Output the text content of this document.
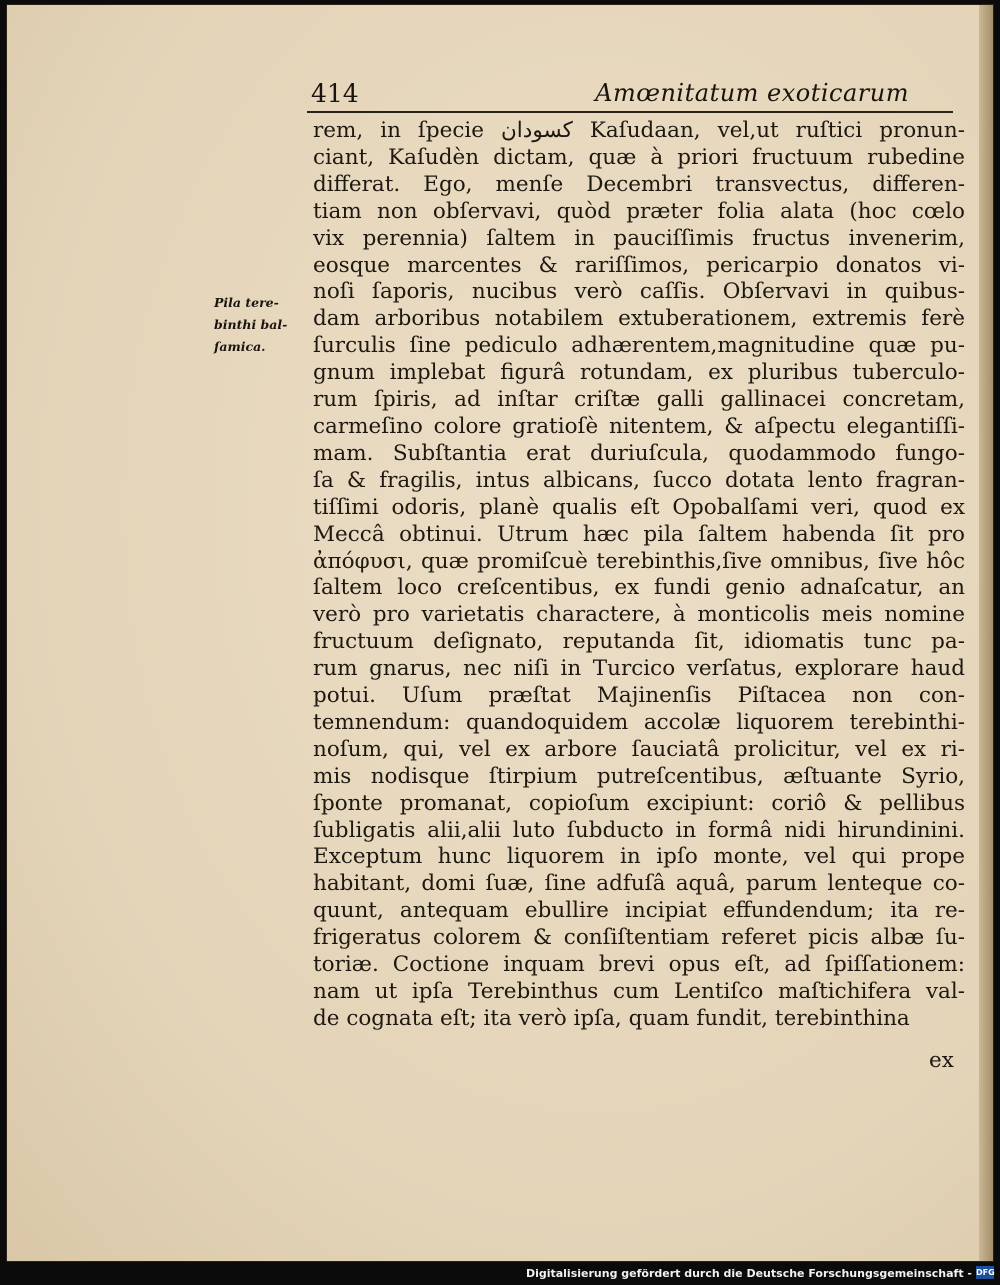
414	Amœnitatum exoticarum
Pila tere-
binthi bal-
ſamica.
rem, in ſpecie كسودان Kaſudaan, vel,ut ruſtici pronun-
ciant, Kaſudèn dictam, quæ à priori fructuum rubedine
differat. Ego, menſe Decembri transvectus, differen-
tiam non obſervavi, quòd præter folia alata (hoc cœlo
vix perennia) ſaltem in pauciſſimis fructus invenerim,
eosque marcentes & rariſſimos, pericarpio donatos vi-
noſi ſaporis, nucibus verò caſſis. Obſervavi in quibus-
dam arboribus notabilem extuberationem, extremis ferè
ſurculis ſine pediculo adhærentem,magnitudine quæ pu-
gnum implebat figurâ rotundam, ex pluribus tuberculo-
rum ſpiris, ad inſtar criſtæ galli gallinacei concretam,
carmeſino colore gratioſè nitentem, & aſpectu elegantiſſi-
mam. Subſtantia erat duriuſcula, quodammodo fungo-
ſa & fragilis, intus albicans, ſucco dotata lento fragran-
tiſſimi odoris, planè qualis eſt Opobalſami veri, quod ex
Meccâ obtinui. Utrum hæc pila ſaltem habenda ſit pro
ἀπόφυσι, quæ promiſcuè terebinthis,ſive omnibus, ſive hôc
ſaltem loco creſcentibus, ex fundi genio adnaſcatur, an
verò pro varietatis charactere, à monticolis meis nomine
fructuum deſignato, reputanda ſit, idiomatis tunc pa-
rum gnarus, nec niſi in Turcico verſatus, explorare haud
potui. Uſum præſtat Majinenſis Piſtacea non con-
temnendum: quandoquidem accolæ liquorem terebinthi-
noſum, qui, vel ex arbore ſauciatâ prolicitur, vel ex ri-
mis nodisque ſtirpium putreſcentibus, æſtuante Syrio,
ſponte promanat, copioſum excipiunt: coriô & pellibus
ſubligatis alii,alii luto ſubducto in formâ nidi hirundinini.
Exceptum hunc liquorem in ipſo monte, vel qui prope
habitant, domi ſuæ, ſine adfuſâ aquâ, parum lenteque co-
quunt, antequam ebullire incipiat effundendum; ita re-
frigeratus colorem & conſiſtentiam referet picis albæ ſu-
toriæ. Coctione inquam brevi opus eſt, ad ſpiſſationem:
nam ut ipſa Terebinthus cum Lentiſco maſtichifera val-
de cognata eſt; ita verò ipſa, quam fundit, terebinthina
ex
Digitalisierung gefördert durch die Deutsche Forschungsgemeinschaft - DFG
